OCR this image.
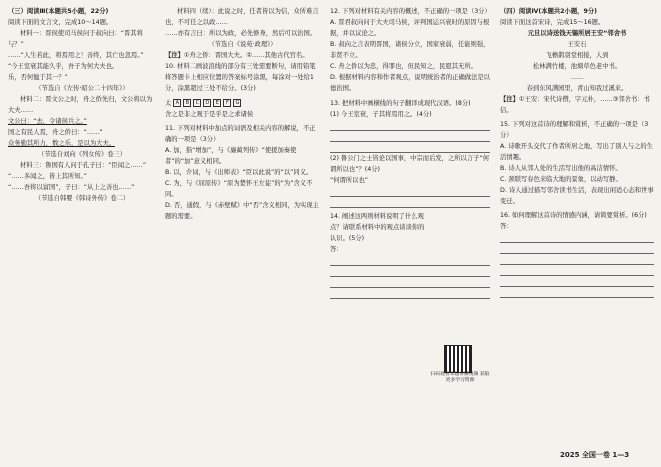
（三）阅读Ⅲ(本题共5小题，22分)

阅读下面的文言文，完成10～14题。

材料一：晋侯使司马侯问于叔向曰：“晋其将与？”

……“人生若此，将焉用之！善终，其亡也忽焉。”

“今王室衰其能久乎，吾子为何大夫也。

乐，否何恤于其一？”

（节选自《左传·昭公二十四年》）

材料二：晋文公之时，舟之侨先归，文公将以为大夫……

文公曰：“去，令诸侯兵之。”

国之有民人焉，舟之侨曰：“……”

众务勤其所力，数之乐，是以为大夫。

（节选自刘向《列女传》卷三）

材料三：鲁国有人问于孔子曰：“臣闻之……”

“……多闻之，皆上其所知。”

“……吾将以富国”，子曰：“从上之善也……”

（节选自韩婴《韩诗外传》卷二）

材料四（续）：此说之时，任者皆以为信，众所难言也，不可任之以政……

……亦有言曰：所以为政，必先修身，然后可以治国。

（节选自《说苑·政理》）

【注】①舟之侨：晋国大夫。②……其他古代官名。

10. 材料二画波浪线的部分有三处需要断句，请用铅笔将答题卡上相应位置的答案标号涂黑，每涂对一处给1分，涂黑超过三处不给分。(3分)

太 A B C D E F G

舍之是非之观于是乎是之求诸侯

11. 下列对材料中加点的词语及相关内容的解说，不正确的一项是（3分）

A. 加，指“增加”，与《廉蔺列传》“使援加秦使者”的“加”意义相同。

B. 以，介词，与《出师表》“臣以此说”的“以”同义。

C. 为，与《屈原传》“原为楚怀王左徒”的“为”含义不同。

D. 否，通假，与《赤壁赋》中“否”含义相同，为实现主题的需要。

12. 下列对材料有关内容的概述，不正确的一项是（3分）

A. 晋君叔向问于大夫司马侯，评判国运兴衰时的原因与根据，并以议论之。

B. 叔向之言表明晋国，诸侯分立，国家衰弱，任能则强，非贤不立。

C. 舟之侨以为忠，得罪也，但民知之，民愿其无所。

D. 根据材料内容和作者观点，说明统治者的正确做法是以德治国。

13. 把材料中画横线的句子翻译成现代汉语。(8分)

(1) 今王室衰，子其将焉用之。(4分)

(2) 鲁公门之士皆论以国事，中宗而后发，之所以言子“何谓所以也”？(4分)

“何谓所以也”

14. 阐述这两则材料说明了什么观点？请联系材料中的观点谈谈你的认识。(5分)

答：

扫码观看本题讲解视频 获取更多学习资源

（四）阅读Ⅳ(本题共2小题，9分)

阅读下面这首宋诗，完成15～16题。

元旦以诗送钱天锡所居王安“邻舍书

王安石

飞檐鹊羽堂相接，人到

松林满竹楼，池塘草色老中书。

……

春到东风满园里，青山知我过溪来。

【注】①王安：宋代诗僧，字元朴，……③邻舍书：书信。

15. 下列对这首诗的理解和赏析，不正确的一项是（3分）

A. 诗歌开头交代了作者所居之地，写出了别人与之的生活情趣。

B. 诗人从邻人处的生活写出他的高洁情怀。

C. 颈联写春色来临大地的景象，以动写静。

D. 诗人通过描写邻舍读书生活，表现出闲适心态和世事变迁。

16. 如何理解这首诗的情感内涵，请简要赏析。(6分)

答：

2025 全国一卷 1—3
